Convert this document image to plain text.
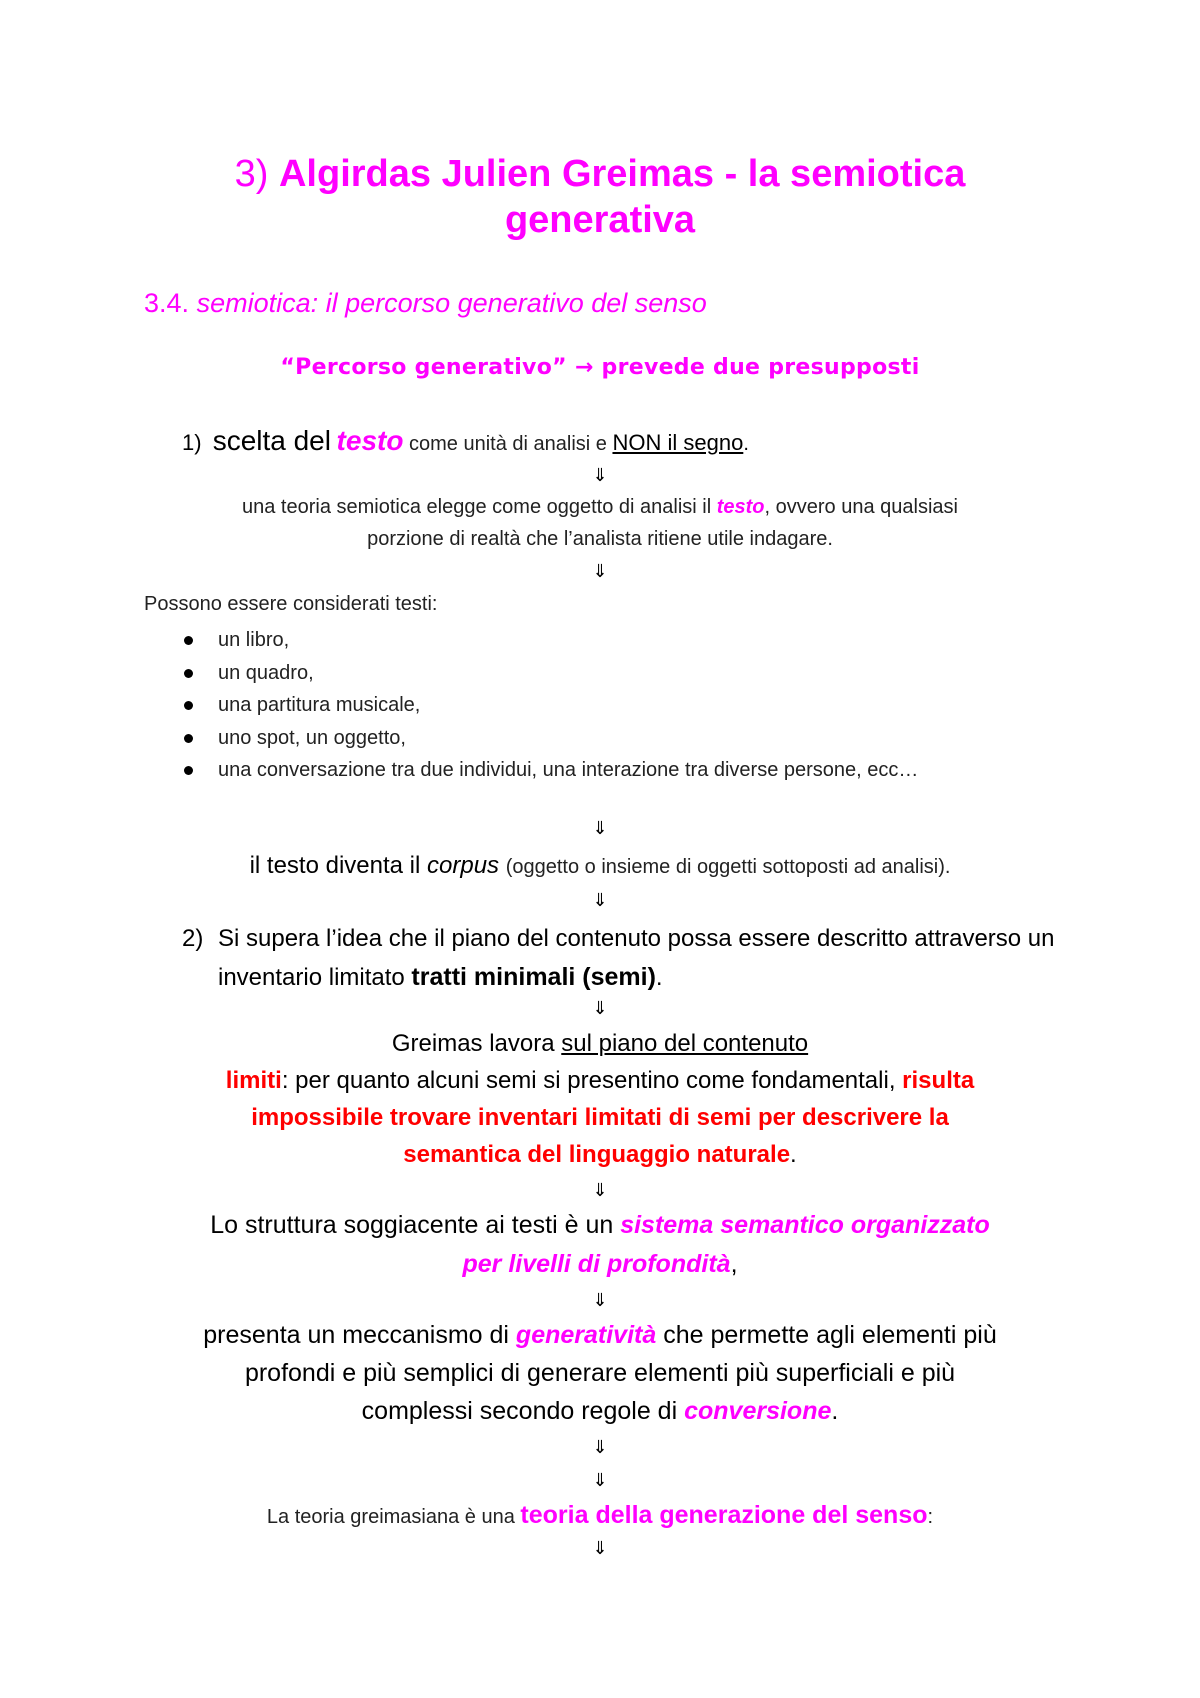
3) Algirdas Julien Greimas - la semiotica
generativa
3.4. semiotica: il percorso generativo del senso
“Percorso generativo” → prevede due presupposti
1) scelta del testo come unità di analisi e NON il segno.
⇓
una teoria semiotica elegge come oggetto di analisi il testo, ovvero una qualsiasi
porzione di realtà che l’analista ritiene utile indagare.
⇓
Possono essere considerati testi:
un libro,
un quadro,
una partitura musicale,
uno spot, un oggetto,
una conversazione tra due individui, una interazione tra diverse persone, ecc…
⇓
il testo diventa il corpus (oggetto o insieme di oggetti sottoposti ad analisi).
⇓
2) Si supera l’idea che il piano del contenuto possa essere descritto attraverso un inventario limitato tratti minimali (semi).
⇓
Greimas lavora sul piano del contenuto
limiti: per quanto alcuni semi si presentino come fondamentali, risulta
impossibile trovare inventari limitati di semi per descrivere la
semantica del linguaggio naturale.
⇓
Lo struttura soggiacente ai testi è un sistema semantico organizzato
per livelli di profondità,
⇓
presenta un meccanismo di generatività che permette agli elementi più
profondi e più semplici di generare elementi più superficiali e più
complessi secondo regole di conversione.
⇓
⇓
La teoria greimasiana è una teoria della generazione del senso:
⇓
